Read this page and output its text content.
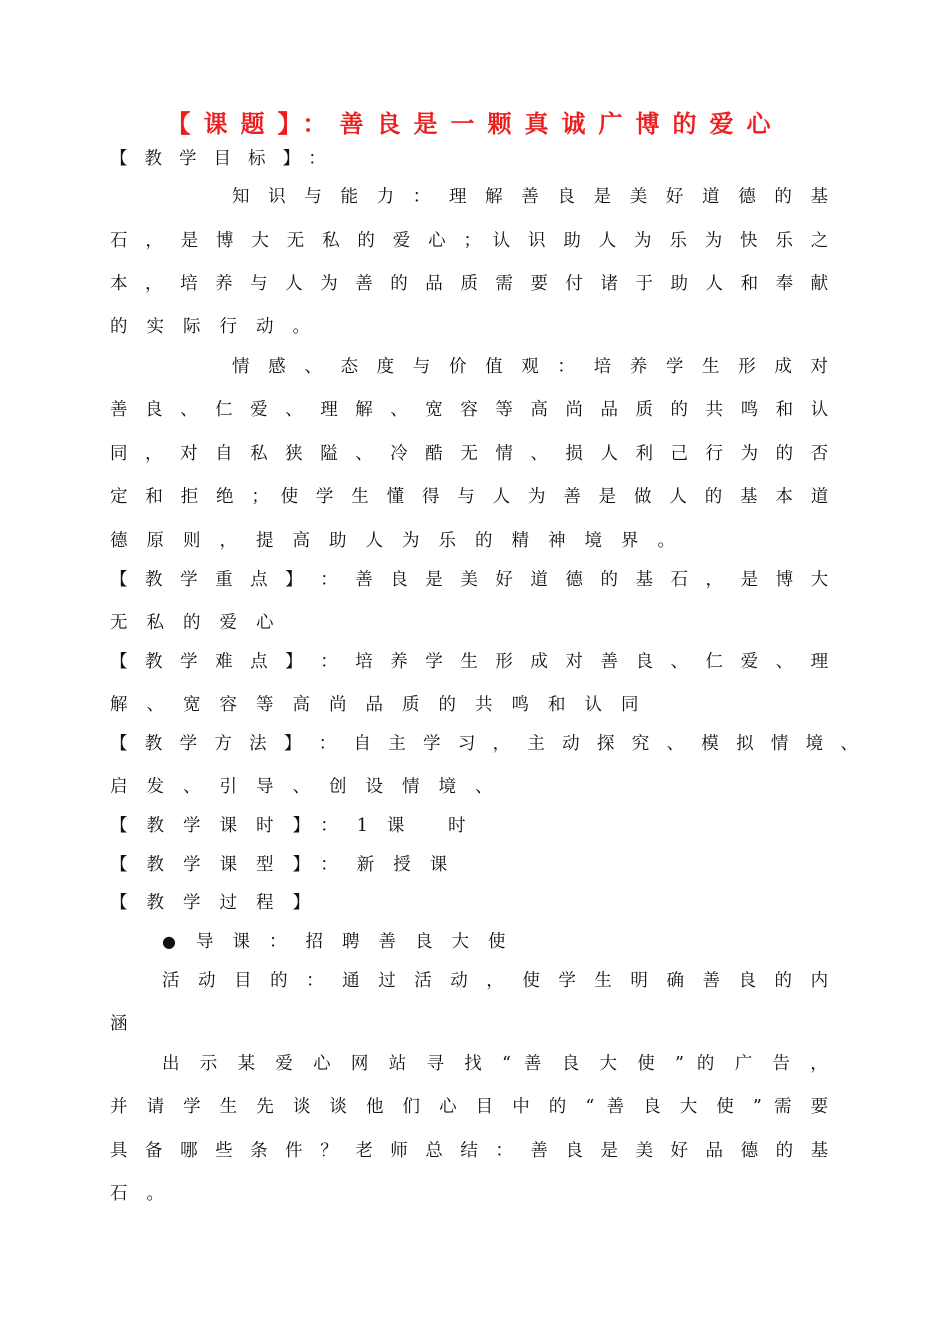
【课题】：善良是一颗真诚广博的爱心
【教学目标】：
知 识 与 能 力 ： 理 解 善 良 是 美 好 道 德 的 基
石 ， 是 博 大 无 私 的 爱 心 ； 认 识 助 人 为 乐 为 快 乐 之
本 ， 培 养 与 人 为 善 的 品 质 需 要 付 诸 于 助 人 和 奉 献
的实际行动。
情 感 、 态 度 与 价 值 观 ： 培 养 学 生 形 成 对
善 良 、 仁 爱 、 理 解 、 宽 容 等 高 尚 品 质 的 共 鸣 和 认
同 ， 对 自 私 狭 隘 、 冷 酷 无 情 、 损 人 利 己 行 为 的 否
定 和 拒 绝 ； 使 学 生 懂 得 与 人 为 善 是 做 人 的 基 本 道
德原则，提高助人为乐的精神境界。
【 教 学 重 点 】 ： 善 良 是 美 好 道 德 的 基 石 ， 是 博 大
无私的爱心
【 教 学 难 点 】 ： 培 养 学 生 形 成 对 善 良 、 仁 爱 、 理
解、宽容等高尚品质的共鸣和认同
【 教 学 方 法 】 ： 自 主 学 习 ， 主 动 探 究 、 模 拟 情 境 、
启发、引导、创设情境、
【教学课时】：1课 时
【教学课型】：新授课
【教学过程】
● 导课：招聘善良大使
活 动 目 的 ： 通 过 活 动 ， 使 学 生 明 确 善 良 的 内
涵
出 示 某 爱 心 网 站 寻 找 “ 善 良 大 使 ” 的 广 告 ，
并 请 学 生 先 谈 谈 他 们 心 目 中 的 “ 善 良 大 使 ” 需 要
具 备 哪 些 条 件 ？ 老 师 总 结 ： 善 良 是 美 好 品 德 的 基
石。
